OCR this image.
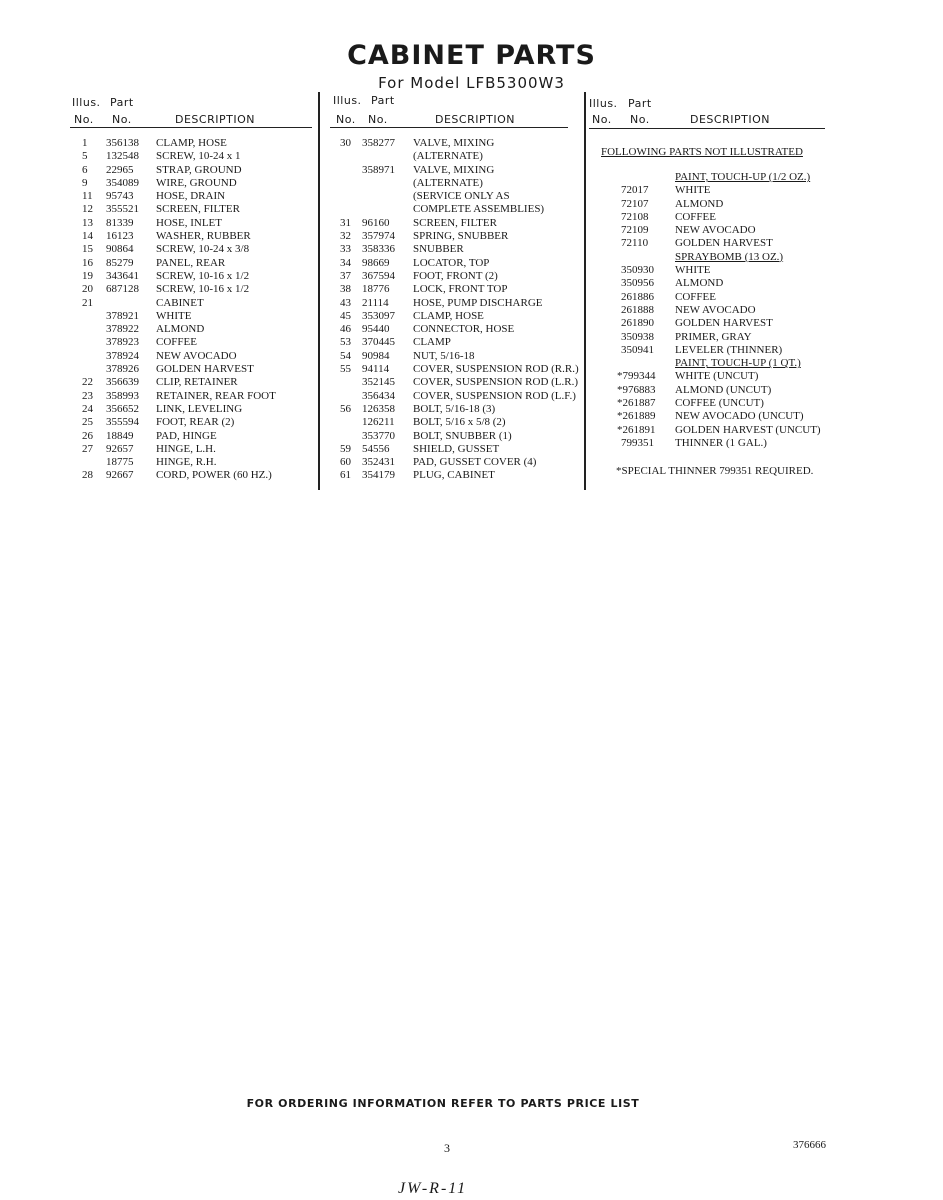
CABINET PARTS
For Model LFB5300W3
Illus. Part
No. No.	DESCRIPTION
Illus. Part
No. No.	DESCRIPTION
Illus. Part
No. No.	DESCRIPTION
1 356138 CLAMP, HOSE
5 132548 SCREW, 10-24 x 1
6 22965 STRAP, GROUND
9 354089 WIRE, GROUND
11 95743 HOSE, DRAIN
12 355521 SCREEN, FILTER
13 81339 HOSE, INLET
14 16123 WASHER, RUBBER
15 90864 SCREW, 10-24 x 3/8
16 85279 PANEL, REAR
19 343641 SCREW, 10-16 x 1/2
20 687128 SCREW, 10-16 x 1/2
21	CABINET
378921 WHITE
378922 ALMOND
378923 COFFEE
378924 NEW AVOCADO
378926 GOLDEN HARVEST
22 356639 CLIP, RETAINER
23 358993 RETAINER, REAR FOOT
24 356652 LINK, LEVELING
25 355594 FOOT, REAR (2)
26 18849 PAD, HINGE
27 92657 HINGE, L.H.
18775 HINGE, R.H.
28 92667 CORD, POWER (60 HZ.)
30 358277 VALVE, MIXING
(ALTERNATE)
358971 VALVE, MIXING
(ALTERNATE)
(SERVICE ONLY AS
COMPLETE ASSEMBLIES)
31 96160 SCREEN, FILTER
32 357974 SPRING, SNUBBER
33 358336 SNUBBER
34 98669 LOCATOR, TOP
37 367594 FOOT, FRONT (2)
38 18776 LOCK, FRONT TOP
43 21114 HOSE, PUMP DISCHARGE
45 353097 CLAMP, HOSE
46 95440 CONNECTOR, HOSE
53 370445 CLAMP
54 90984 NUT, 5/16-18
55 94114 COVER, SUSPENSION ROD (R.R.)
352145 COVER, SUSPENSION ROD (L.R.)
356434 COVER, SUSPENSION ROD (L.F.)
56 126358 BOLT, 5/16-18 (3)
126211 BOLT, 5/16 x 5/8 (2)
353770 BOLT, SNUBBER (1)
59 54556 SHIELD, GUSSET
60 352431 PAD, GUSSET COVER (4)
61 354179 PLUG, CABINET
FOLLOWING PARTS NOT ILLUSTRATED
PAINT, TOUCH-UP (1/2 OZ.)
72017 WHITE
72107 ALMOND
72108 COFFEE
72109 NEW AVOCADO
72110 GOLDEN HARVEST
SPRAYBOMB (13 OZ.)
350930 WHITE
350956 ALMOND
261886 COFFEE
261888 NEW AVOCADO
261890 GOLDEN HARVEST
350938 PRIMER, GRAY
350941 LEVELER (THINNER)
PAINT, TOUCH-UP (1 QT.)
*799344 WHITE (UNCUT)
*976883 ALMOND (UNCUT)
*261887 COFFEE (UNCUT)
*261889 NEW AVOCADO (UNCUT)
*261891 GOLDEN HARVEST (UNCUT)
799351 THINNER (1 GAL.)
*SPECIAL THINNER 799351 REQUIRED.
FOR ORDERING INFORMATION REFER TO PARTS PRICE LIST
3	376666
JW-R-11
